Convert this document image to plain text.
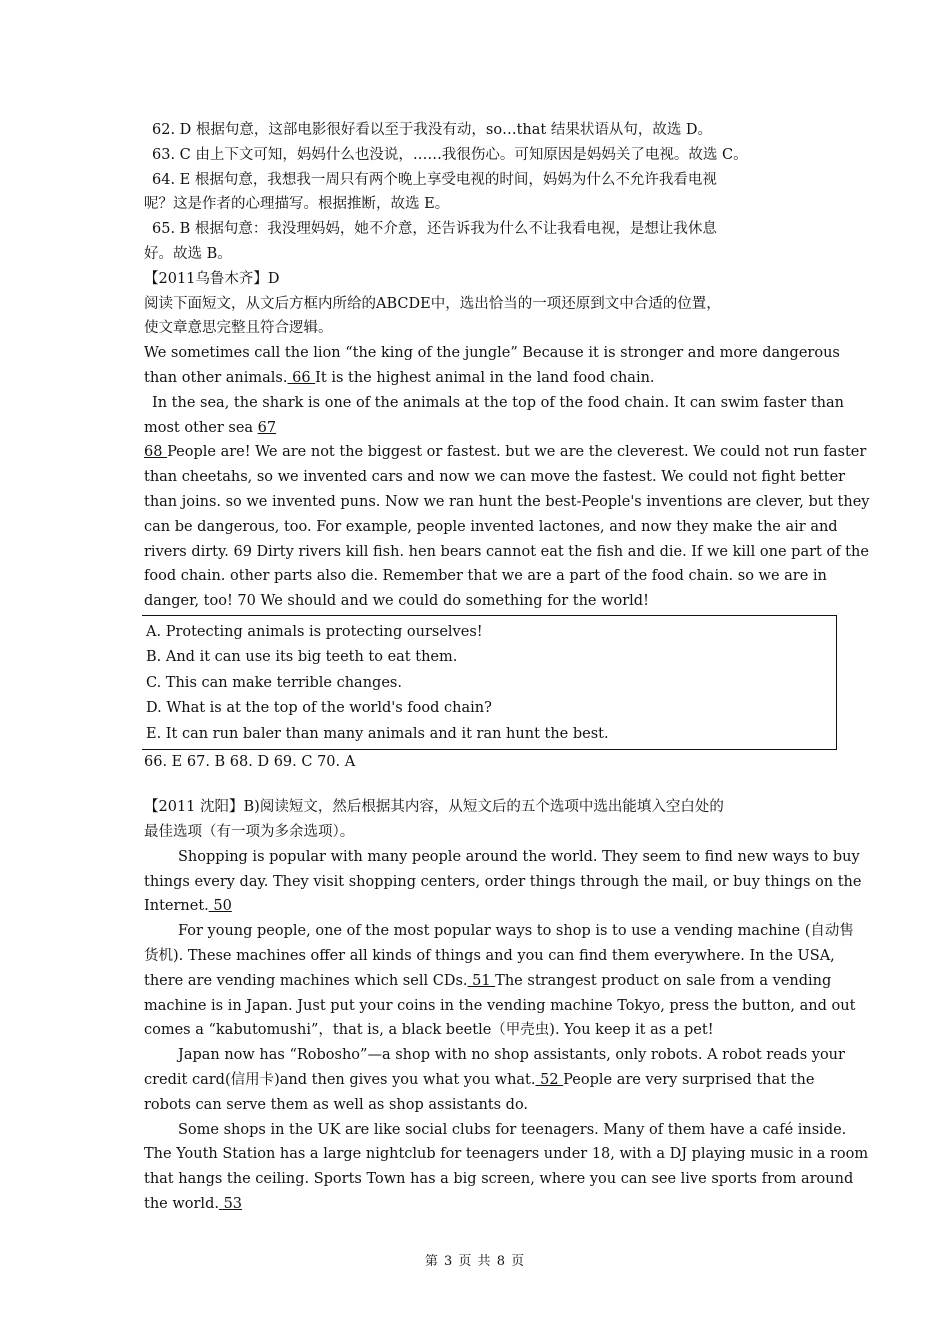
62. D 根据句意，这部电影很好看以至于我没有动，so…that 结果状语从句，故选 D。
63. C 由上下文可知，妈妈什么也没说，……我很伤心。可知原因是妈妈关了电视。故选 C。
64. E 根据句意，我想我一周只有两个晚上享受电视的时间，妈妈为什么不允许我看电视
呢？这是作者的心理描写。根据推断，故选 E。
65. B 根据句意：我没理妈妈，她不介意，还告诉我为什么不让我看电视，是想让我休息
好。故选 B。
【2011乌鲁木齐】D
阅读下面短文，从文后方框内所给的ABCDE中，选出恰当的一项还原到文中合适的位置，
使文章意思完整且符合逻辑。
We sometimes call the lion “the king of the jungle” Because it is stronger and more dangerous
than other animals. 66 It is the highest animal in the land food chain.
In the sea, the shark is one of the animals at the top of the food chain. It can swim faster than
most other sea 67
68 People are! We are not the biggest or fastest. but we are the cleverest. We could not run faster
than cheetahs, so we invented cars and now we can move the fastest. We could not fight better
than joins. so we invented puns. Now we ran hunt the best-People's inventions are clever, but they
can be dangerous, too. For example, people invented lactones, and now they make the air and
rivers dirty. 69 Dirty rivers kill fish. hen bears cannot eat the fish and die. If we kill one part of the
food chain. other parts also die. Remember that we are a part of the food chain. so we are in
danger, too! 70 We should and we could do something for the world!
A. Protecting animals is protecting ourselves!
B. And it can use its big teeth to eat them.
C. This can make terrible changes.
D. What is at the top of the world's food chain?
E. It can run baler than many animals and it ran hunt the best.
66. E 67. B 68. D 69. C 70. A
【2011 沈阳】B)阅读短文，然后根据其内容，从短文后的五个选项中选出能填入空白处的
最佳选项（有一项为多余选项）。
Shopping is popular with many people around the world. They seem to find new ways to buy
things every day. They visit shopping centers, order things through the mail, or buy things on the
Internet. 50
For young people, one of the most popular ways to shop is to use a vending machine (自动售
货机). These machines offer all kinds of things and you can find them everywhere. In the USA,
there are vending machines which sell CDs. 51 The strangest product on sale from a vending
machine is in Japan. Just put your coins in the vending machine Tokyo, press the button, and out
comes a “kabutomushi”，that is, a black beetle（甲壳虫). You keep it as a pet!
Japan now has “Robosho”—a shop with no shop assistants, only robots. A robot reads your
credit card(信用卡)and then gives you what you what. 52 People are very surprised that the
robots can serve them as well as shop assistants do.
Some shops in the UK are like social clubs for teenagers. Many of them have a café inside.
The Youth Station has a large nightclub for teenagers under 18, with a DJ playing music in a room
that hangs the ceiling. Sports Town has a big screen, where you can see live sports from around
the world. 53
第 3 页 共 8 页
